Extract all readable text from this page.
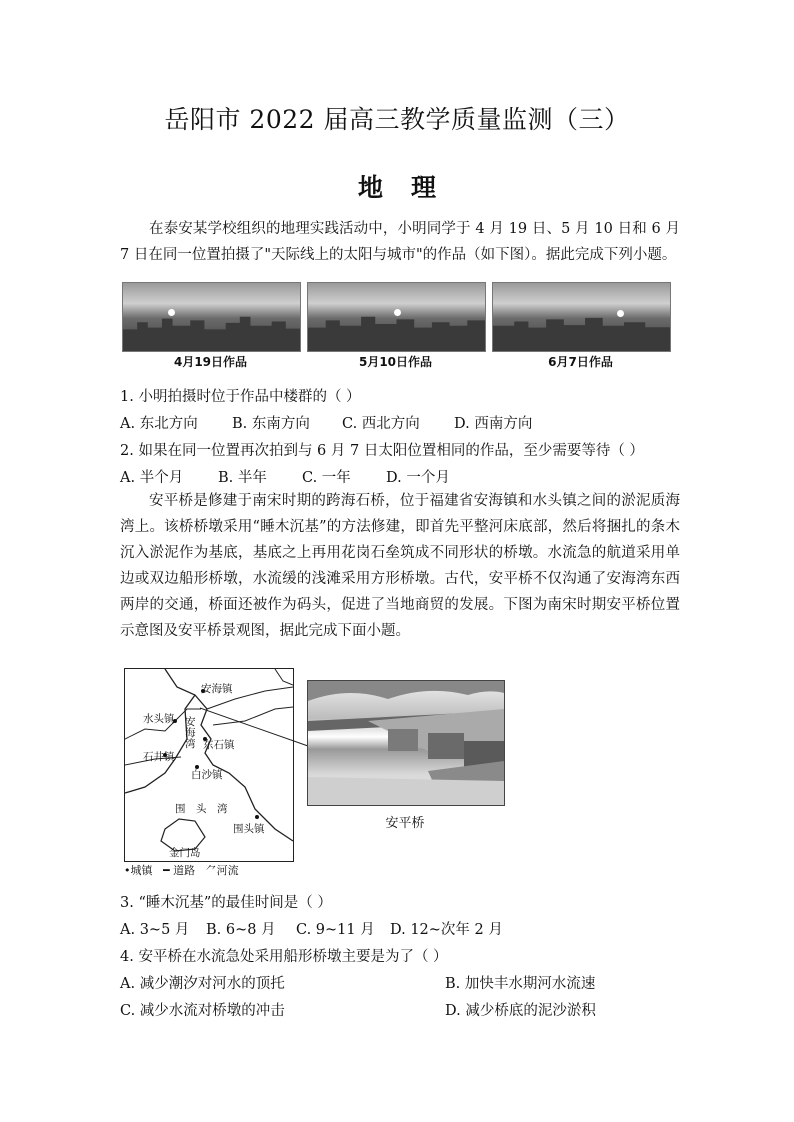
岳阳市 2022 届高三教学质量监测（三）
地 理
在泰安某学校组织的地理实践活动中，小明同学于 4 月 19 日、5 月 10 日和 6 月 7 日在同一位置拍摄了"天际线上的太阳与城市"的作品（如下图）。据此完成下列小题。
4月19日作品	5月10日作品	6月7日作品
1. 小明拍摄时位于作品中楼群的（ ）
A. 东北方向 B. 东南方向 C. 西北方向 D. 西南方向
2. 如果在同一位置再次拍到与 6 月 7 日太阳位置相同的作品，至少需要等待（ ）
A. 半个月 B. 半年 C. 一年 D. 一个月
安平桥是修建于南宋时期的跨海石桥，位于福建省安海镇和水头镇之间的淤泥质海湾上。该桥桥墩采用“睡木沉基”的方法修建，即首先平整河床底部，然后将捆扎的条木沉入淤泥作为基底，基底之上再用花岗石垒筑成不同形状的桥墩。水流急的航道采用单边或双边船形桥墩，水流缓的浅滩采用方形桥墩。古代，安平桥不仅沟通了安海湾东西两岸的交通，桥面还被作为码头，促进了当地商贸的发展。下图为南宋时期安平桥位置示意图及安平桥景观图，据此完成下面小题。
安海镇
水头镇 安海湾 东石镇
石井镇
白沙镇
围　头　湾
围头镇
金门岛
•城镇 ━ 道路 ⺈河流
安平桥
3. “睡木沉基”的最佳时间是（ ）
A. 3~5 月 B. 6~8 月 C. 9~11 月 D. 12~次年 2 月
4. 安平桥在水流急处采用船形桥墩主要是为了（ ）
A. 减少潮汐对河水的顶托	B. 加快丰水期河水流速
C. 减少水流对桥墩的冲击	D. 减少桥底的泥沙淤积
